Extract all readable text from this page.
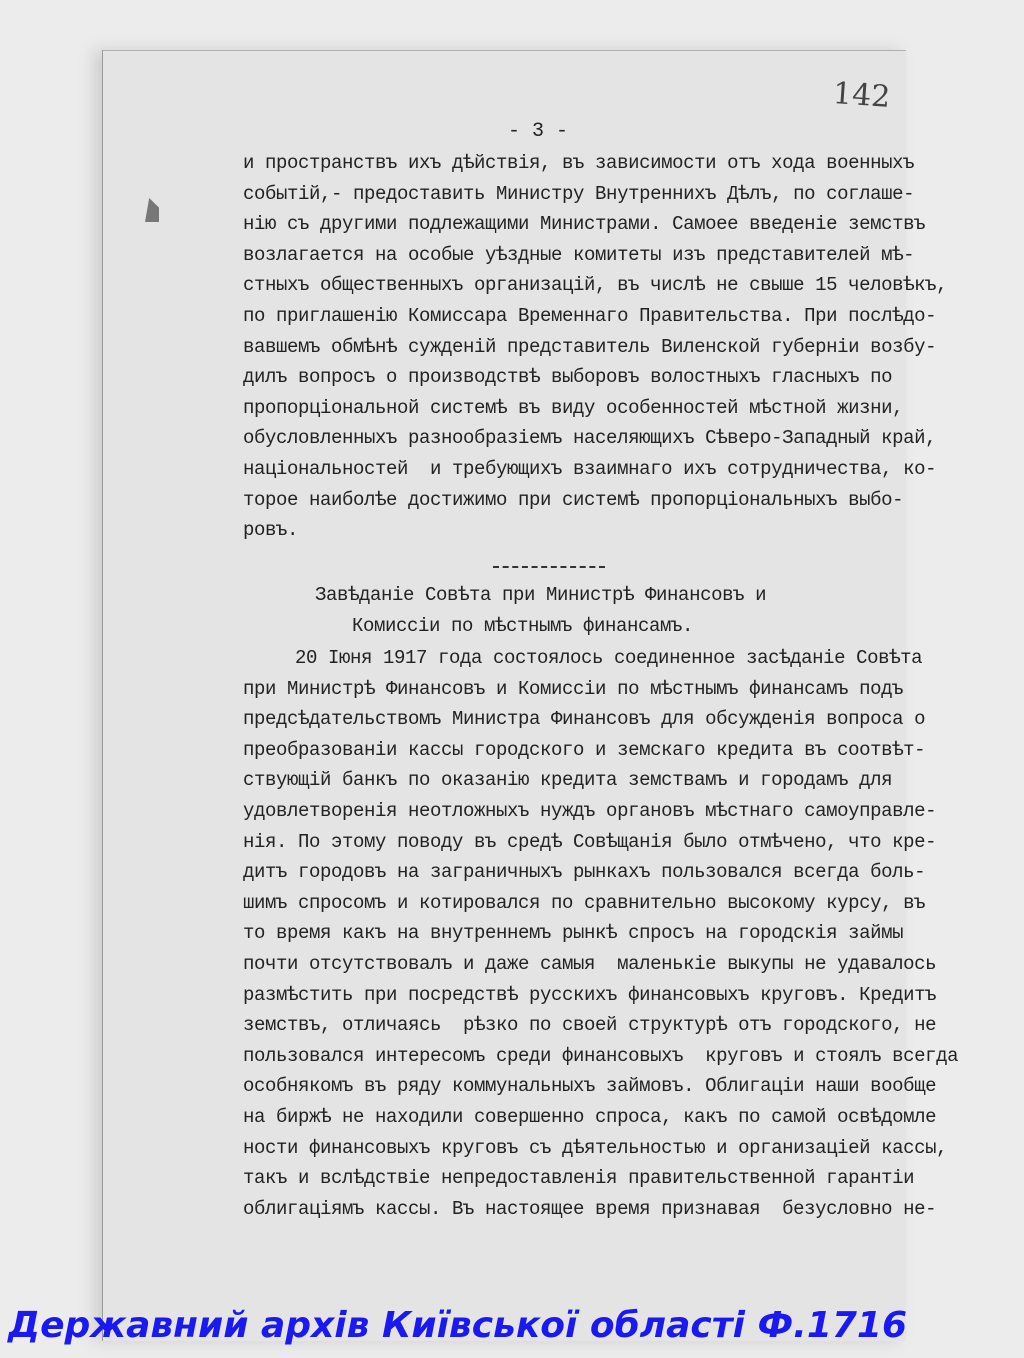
142
- 3 -
и пространствъ ихъ дѣйствія, въ зависимости отъ хода военныхъ
событій,- предоставить Министру Внутреннихъ Дѣлъ, по соглаше-
нію съ другими подлежащими Министрами. Самоее введеніе земствъ
возлагается на особые уѣздные комитеты изъ представителей мѣ-
стныхъ общественныхъ организацій, въ числѣ не свыше 15 человѣкъ,
по приглашенію Комиссара Временнаго Правительства. При послѣдо-
вавшемъ обмѣнѣ сужденій представитель Виленской губерніи возбу-
дилъ вопросъ о производствѣ выборовъ волостныхъ гласныхъ по
пропорціональной системѣ въ виду особенностей мѣстной жизни,
обусловленныхъ разнообразіемъ населяющихъ Сѣверо-Западный край,
національностей  и требующихъ взаимнаго ихъ сотрудничества, ко-
торое наиболѣе достижимо при системѣ пропорціональныхъ выбо-
ровъ.
Завѣданіе Совѣта при Министрѣ Финансовъ и
Комиссіи по мѣстнымъ финансамъ.
20 Іюня 1917 года состоялось соединенное засѣданіе Совѣта
при Министрѣ Финансовъ и Комиссіи по мѣстнымъ финансамъ подъ
предсѣдательствомъ Министра Финансовъ для обсужденія вопроса о
преобразованіи кассы городского и земскаго кредита въ соотвѣт-
ствующій банкъ по оказанію кредита земствамъ и городамъ для
удовлетворенія неотложныхъ нуждъ органовъ мѣстнаго самоуправле-
нія. По этому поводу въ средѣ Совѣщанія было отмѣчено, что кре-
дитъ городовъ на заграничныхъ рынкахъ пользовался всегда боль-
шимъ спросомъ и котировался по сравнительно высокому курсу, въ
то время какъ на внутреннемъ рынкѣ спросъ на городскія займы
почти отсутствовалъ и даже самыя  маленькіе выкупы не удавалось
размѣстить при посредствѣ русскихъ финансовыхъ круговъ. Кредитъ
земствъ, отличаясь  рѣзко по своей структурѣ отъ городского, не
пользовался интересомъ среди финансовыхъ  круговъ и стоялъ всегда
особнякомъ въ ряду коммунальныхъ займовъ. Облигаціи наши вообще
на биржѣ не находили совершенно спроса, какъ по самой освѣдомле
ности финансовыхъ круговъ съ дѣятельностью и организаціей кассы,
такъ и вслѣдствіе непредоставленія правительственной гарантіи
облигаціямъ кассы. Въ настоящее время признавая  безусловно не-
Державний архів Київської області Ф.1716
